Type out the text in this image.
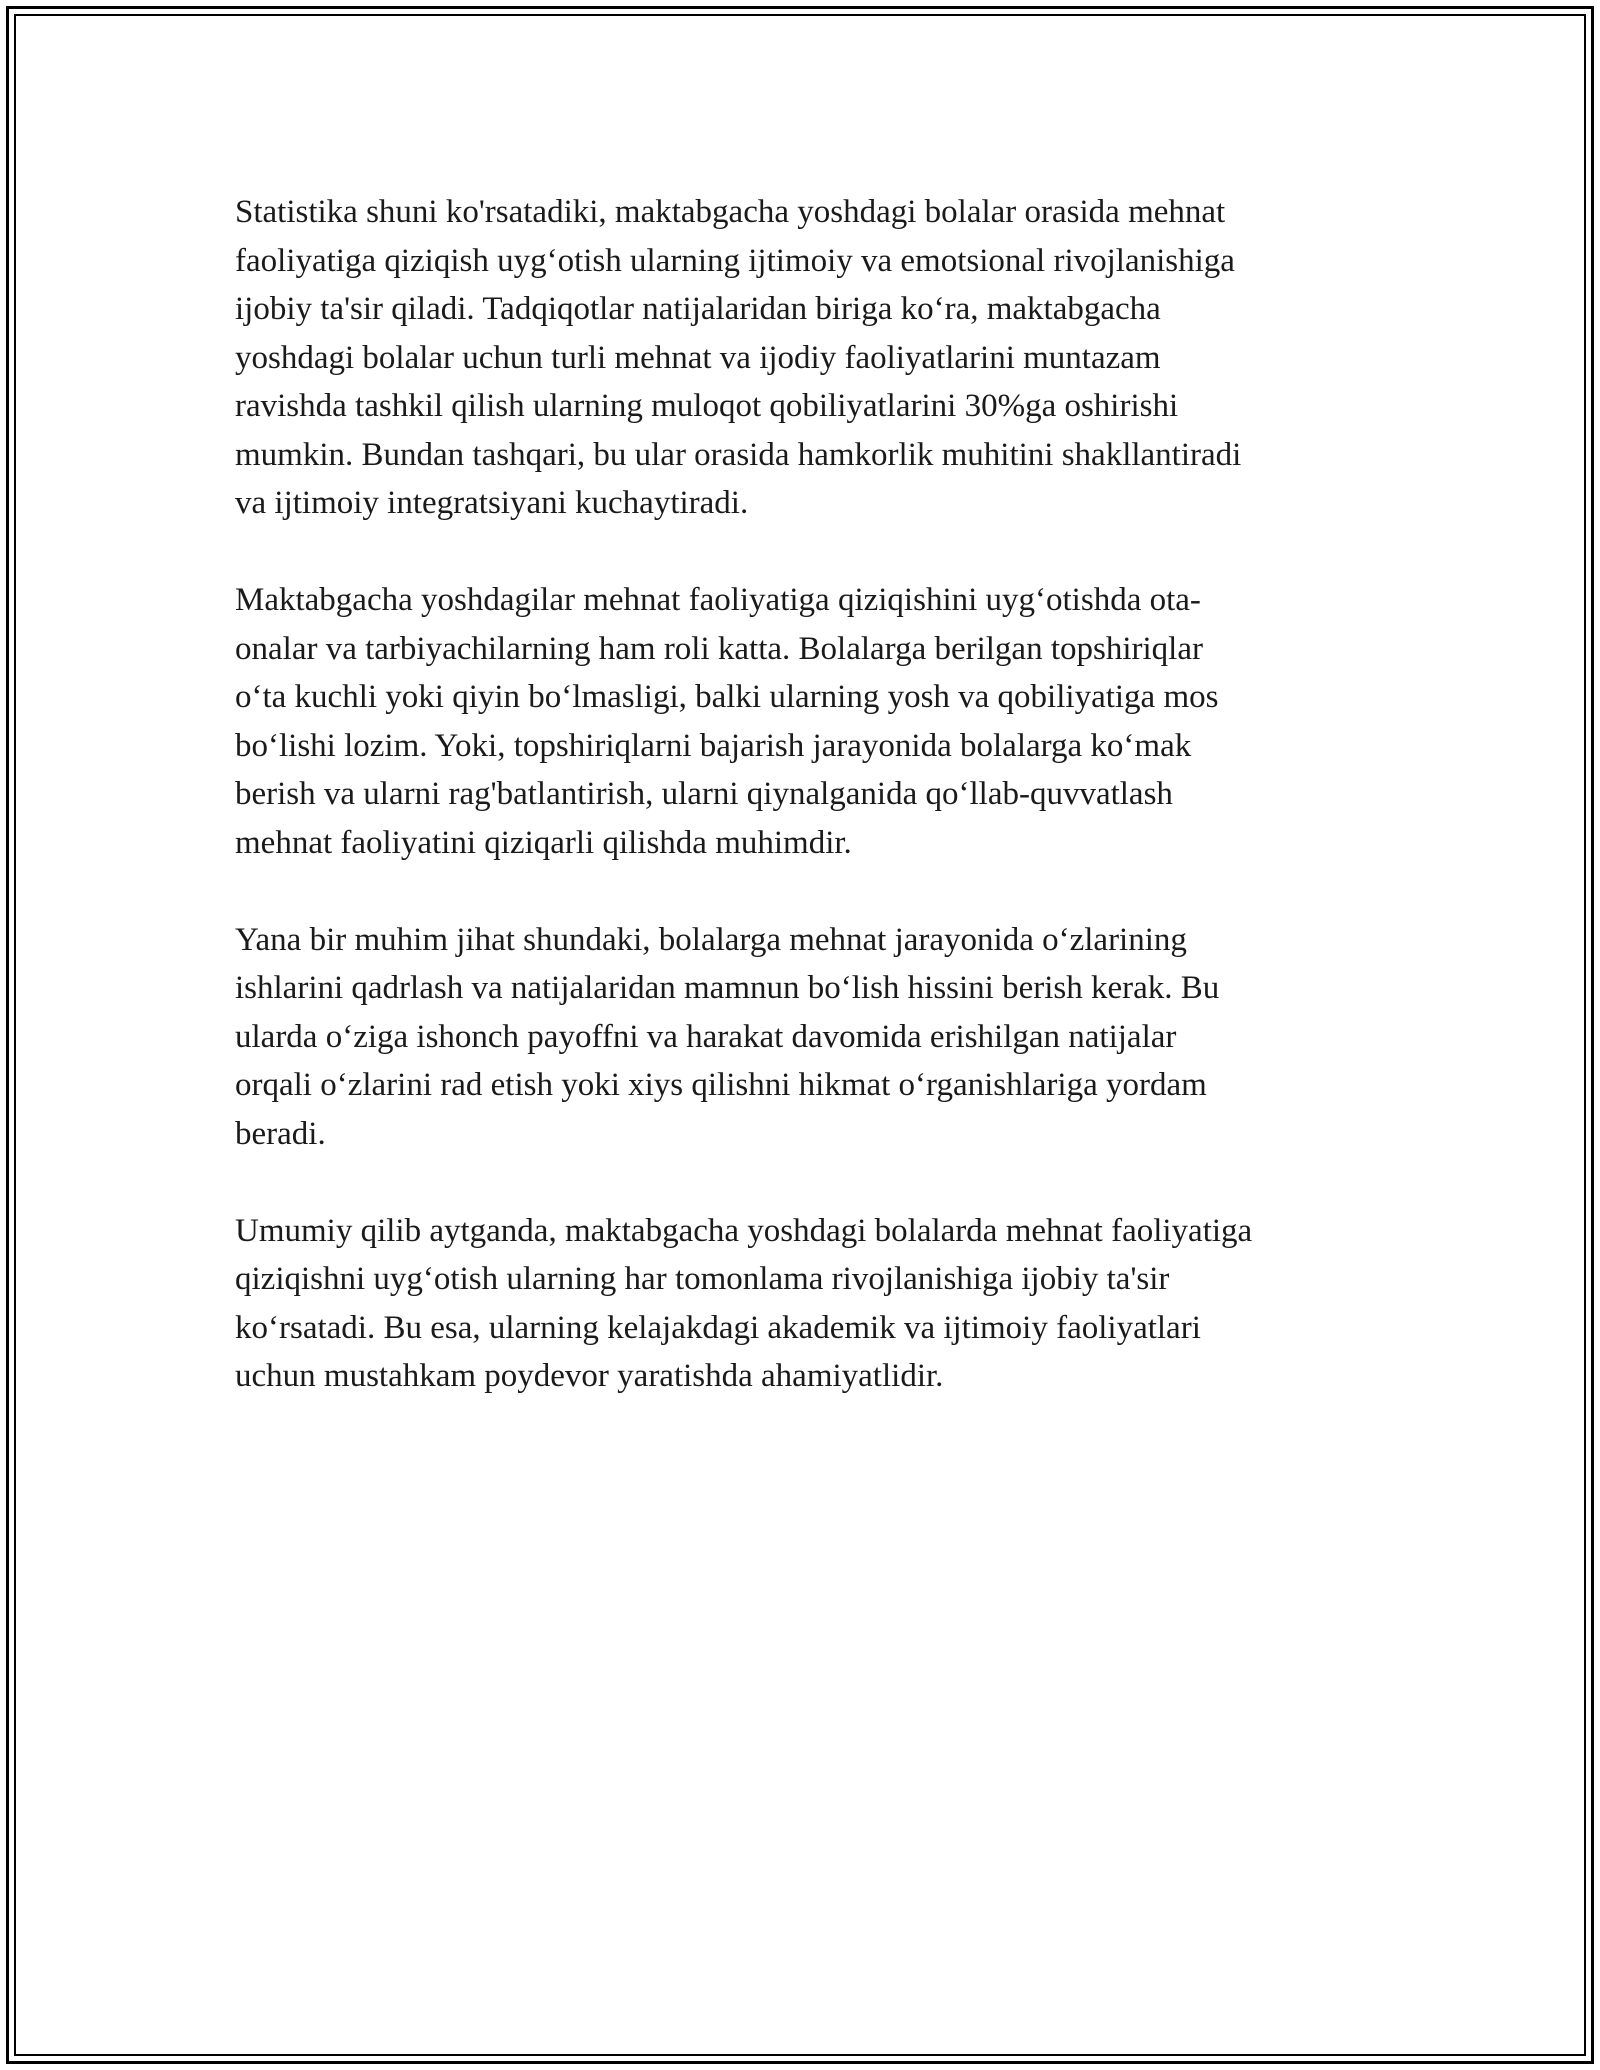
Statistika shuni ko'rsatadiki, maktabgacha yoshdagi bolalar orasida mehnat
faoliyatiga qiziqish uyg‘otish ularning ijtimoiy va emotsional rivojlanishiga
ijobiy ta'sir qiladi. Tadqiqotlar natijalaridan biriga ko‘ra, maktabgacha
yoshdagi bolalar uchun turli mehnat va ijodiy faoliyatlarini muntazam
ravishda tashkil qilish ularning muloqot qobiliyatlarini 30%ga oshirishi
mumkin. Bundan tashqari, bu ular orasida hamkorlik muhitini shakllantiradi
va ijtimoiy integratsiyani kuchaytiradi.

Maktabgacha yoshdagilar mehnat faoliyatiga qiziqishini uyg‘otishda ota-
onalar va tarbiyachilarning ham roli katta. Bolalarga berilgan topshiriqlar
o‘ta kuchli yoki qiyin bo‘lmasligi, balki ularning yosh va qobiliyatiga mos
bo‘lishi lozim. Yoki, topshiriqlarni bajarish jarayonida bolalarga ko‘mak
berish va ularni rag'batlantirish, ularni qiynalganida qo‘llab-quvvatlash
mehnat faoliyatini qiziqarli qilishda muhimdir.

Yana bir muhim jihat shundaki, bolalarga mehnat jarayonida o‘zlarining
ishlarini qadrlash va natijalaridan mamnun bo‘lish hissini berish kerak. Bu
ularda o‘ziga ishonch payoffni va harakat davomida erishilgan natijalar
orqali o‘zlarini rad etish yoki xiys qilishni hikmat o‘rganishlariga yordam
beradi.

Umumiy qilib aytganda, maktabgacha yoshdagi bolalarda mehnat faoliyatiga
qiziqishni uyg‘otish ularning har tomonlama rivojlanishiga ijobiy ta'sir
ko‘rsatadi. Bu esa, ularning kelajakdagi akademik va ijtimoiy faoliyatlari
uchun mustahkam poydevor yaratishda ahamiyatlidir.
